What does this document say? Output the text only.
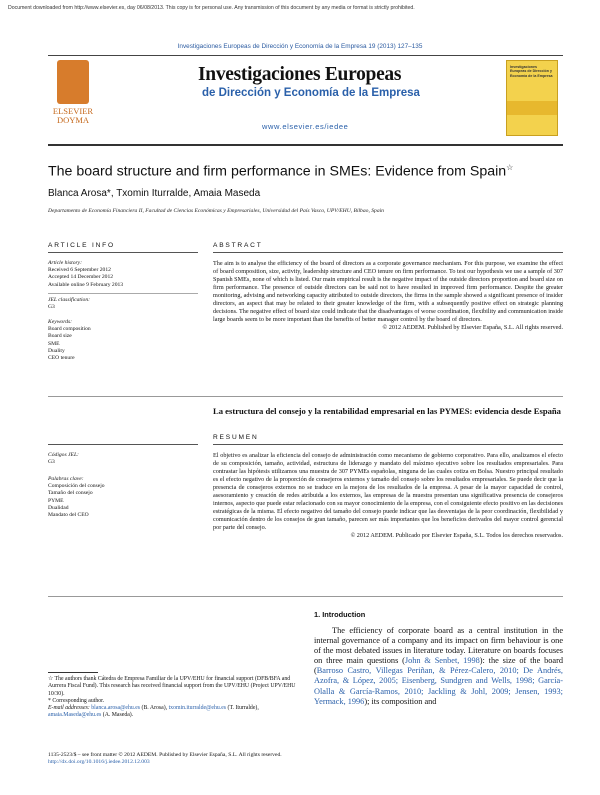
Document downloaded from http://www.elsevier.es, day 06/08/2013. This copy is for personal use. Any transmission of this document by any media or format is strictly prohibited.
Investigaciones Europeas de Dirección y Economía de la Empresa 19 (2013) 127–135
ELSEVIER
DOYMA
Investigaciones Europeas
de Dirección y Economía de la Empresa
www.elsevier.es/iedee
Investigaciones Europeas de Dirección y Economía de la Empresa
The board structure and firm performance in SMEs: Evidence from Spain☆
Blanca Arosa*, Txomin Iturralde, Amaia Maseda
Departamento de Economía Financiera II, Facultad de Ciencias Económicas y Empresariales, Universidad del País Vasco, UPV/EHU, Bilbao, Spain
ARTICLE INFO	ABSTRACT
Article history:
Received 6 September 2012
Accepted 14 December 2012
Available online 9 February 2013
JEL classification:
G3
Keywords:
Board composition
Board size
SME
Duality
CEO tenure
The aim is to analyse the efficiency of the board of directors as a corporate governance mechanism. For this purpose, we examine the effect of board composition, size, activity, leadership structure and CEO tenure on firm performance. To test our hypothesis we use a sample of 307 Spanish SMEs, none of which is listed. Our main empirical result is the negative impact of the outside directors proportion and board size on firm performance. The presence of outside directors can be said not to have resulted in improved firm performance. Despite the greater monitoring, advising and networking capacity attributed to outside directors, the firms in the sample showed a significant presence of insider directors, an aspect that may be related to their greater knowledge of the firm, with a subsequently positive effect on strategic planning decisions. The negative effect of board size could indicate that the disadvantages of worse coordination, flexibility and communication inside large boards seem to be more important than the benefits of better manager control by the board of directors.
© 2012 AEDEM. Published by Elsevier España, S.L. All rights reserved.
La estructura del consejo y la rentabilidad empresarial en las PYMES: evidencia desde España
RESUMEN
Códigos JEL:
G3
Palabras clave:
Composición del consejo
Tamaño del consejo
PYME
Dualidad
Mandato del CEO
El objetivo es analizar la eficiencia del consejo de administración como mecanismo de gobierno corporativo. Para ello, analizamos el efecto de su composición, tamaño, actividad, estructura de liderazgo y mandato del máximo ejecutivo sobre los resultados empresariales. Para contrastar las hipótesis utilizamos una muestra de 307 PYMEs españolas, ninguna de las cuales cotiza en Bolsa. Nuestro principal resultado es el efecto negativo de la proporción de consejeros externos y tamaño del consejo sobre los resultados empresariales. Se puede decir que la presencia de consejeros externos no se traduce en la mejora de los resultados de la empresa. A pesar de la mayor capacidad de control, asesoramiento y creación de redes atribuida a los externos, las empresas de la muestra presentan una significativa presencia de consejeros internos, aspecto que puede estar relacionado con su mayor conocimiento de la empresa, con el consiguiente efecto positivo en las decisiones estratégicas de la misma. El efecto negativo del tamaño del consejo puede indicar que las desventajas de la peor coordinación, flexibilidad y comunicación dentro de los consejos de gran tamaño, parecen ser más importantes que los beneficios derivados del mayor control gerencial por parte del consejo.
© 2012 AEDEM. Publicado por Elsevier España, S.L. Todos los derechos reservados.
1. Introduction
The efficiency of corporate board as a central institution in the internal governance of a company and its impact on firm behaviour is one of the most debated issues in literature today. Literature on boards focuses on three main questions (John & Senbet, 1998): the size of the board (Barroso Castro, Villegas Periñan, & Pérez-Calero, 2010; De Andrés, Azofra, & López, 2005; Eisenberg, Sundgren and Wells, 1998; García-Olalla & García-Ramos, 2010; Jackling & Johl, 2009; Jensen, 1993; Yermack, 1996); its composition and
☆ The authors thank Cátedra de Empresa Familiar de la UPV/EHU for financial support (DFB/BFA and Aurrera Fiscal Fund). This research has received financial support from the UPV/EHU (Project UPV/EHU 10/30).
* Corresponding author.
E-mail addresses: blanca.arosa@ehu.es (B. Arosa), txomin.iturralde@ehu.es (T. Iturralde), amaia.Maseda@ehu.es (A. Maseda).
1135-2523/$ – see front matter © 2012 AEDEM. Published by Elsevier España, S.L. All rights reserved.
http://dx.doi.org/10.1016/j.iedee.2012.12.003
